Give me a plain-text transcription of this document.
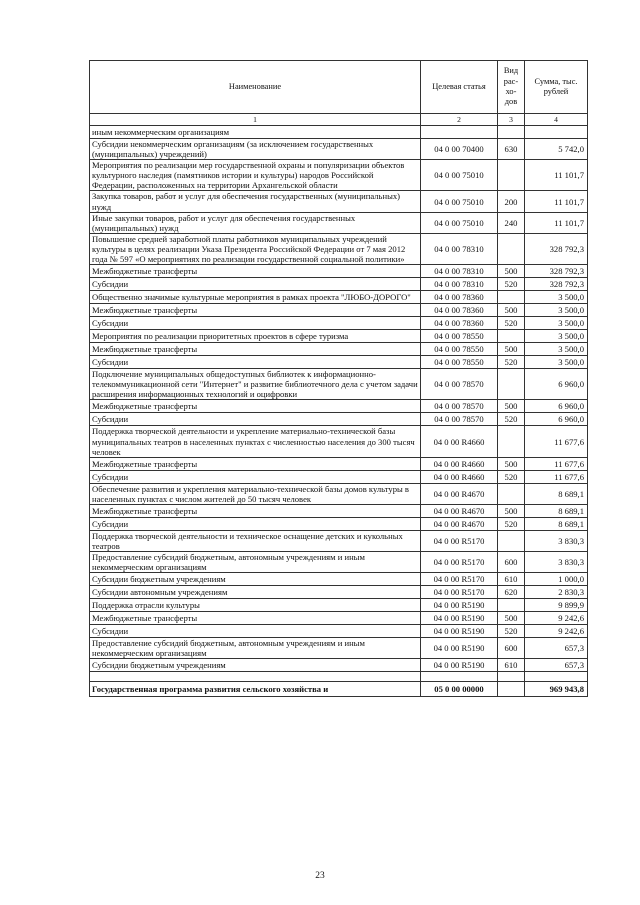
Наименование	Целевая статья	Вид рас-хо-дов	Сумма, тыс. рублей
1	2	3	4
иным некоммерческим организациям			
Субсидии некоммерческим организациям (за исключением государственных (муниципальных) учреждений)	04 0 00 70400	630	5 742,0
Мероприятия по реализации мер государственной охраны и популяризации объектов культурного наследия (памятников истории и культуры) народов Российской Федерации, расположенных на территории Архангельской области	04 0 00 75010		11 101,7
Закупка товаров, работ и услуг для обеспечения государственных (муниципальных) нужд	04 0 00 75010	200	11 101,7
Иные закупки товаров, работ и услуг для обеспечения государственных (муниципальных) нужд	04 0 00 75010	240	11 101,7
Повышение средней заработной платы работников муниципальных учреждений культуры в целях реализации Указа Президента Российской Федерации от 7 мая 2012 года № 597 «О мероприятиях по реализации государственной социальной политики»	04 0 00 78310		328 792,3
Межбюджетные трансферты	04 0 00 78310	500	328 792,3
Субсидии	04 0 00 78310	520	328 792,3
Общественно значимые культурные мероприятия в рамках проекта "ЛЮБО-ДОРОГО"	04 0 00 78360		3 500,0
Межбюджетные трансферты	04 0 00 78360	500	3 500,0
Субсидии	04 0 00 78360	520	3 500,0
Мероприятия по реализации приоритетных проектов в сфере туризма	04 0 00 78550		3 500,0
Межбюджетные трансферты	04 0 00 78550	500	3 500,0
Субсидии	04 0 00 78550	520	3 500,0
Подключение муниципальных общедоступных библиотек к информационно-телекоммуникационной сети "Интернет" и развитие библиотечного дела с учетом задачи расширения информационных технологий и оцифровки	04 0 00 78570		6 960,0
Межбюджетные трансферты	04 0 00 78570	500	6 960,0
Субсидии	04 0 00 78570	520	6 960,0
Поддержка творческой деятельности и укрепление материально-технической базы муниципальных театров в населенных пунктах с численностью населения до 300 тысяч человек	04 0 00 R4660		11 677,6
Межбюджетные трансферты	04 0 00 R4660	500	11 677,6
Субсидии	04 0 00 R4660	520	11 677,6
Обеспечение развития и укрепления материально-технической базы домов культуры в населенных пунктах с числом жителей до 50 тысяч человек	04 0 00 R4670		8 689,1
Межбюджетные трансферты	04 0 00 R4670	500	8 689,1
Субсидии	04 0 00 R4670	520	8 689,1
Поддержка творческой деятельности и техническое оснащение детских и кукольных театров	04 0 00 R5170		3 830,3
Предоставление субсидий бюджетным, автономным учреждениям и иным некоммерческим организациям	04 0 00 R5170	600	3 830,3
Субсидии бюджетным учреждениям	04 0 00 R5170	610	1 000,0
Субсидии автономным учреждениям	04 0 00 R5170	620	2 830,3
Поддержка отрасли культуры	04 0 00 R5190		9 899,9
Межбюджетные трансферты	04 0 00 R5190	500	9 242,6
Субсидии	04 0 00 R5190	520	9 242,6
Предоставление субсидий бюджетным, автономным учреждениям и иным некоммерческим организациям	04 0 00 R5190	600	657,3
Субсидии бюджетным учреждениям	04 0 00 R5190	610	657,3

Государственная программа развития сельского хозяйства и	05 0 00 00000		969 943,8
23
